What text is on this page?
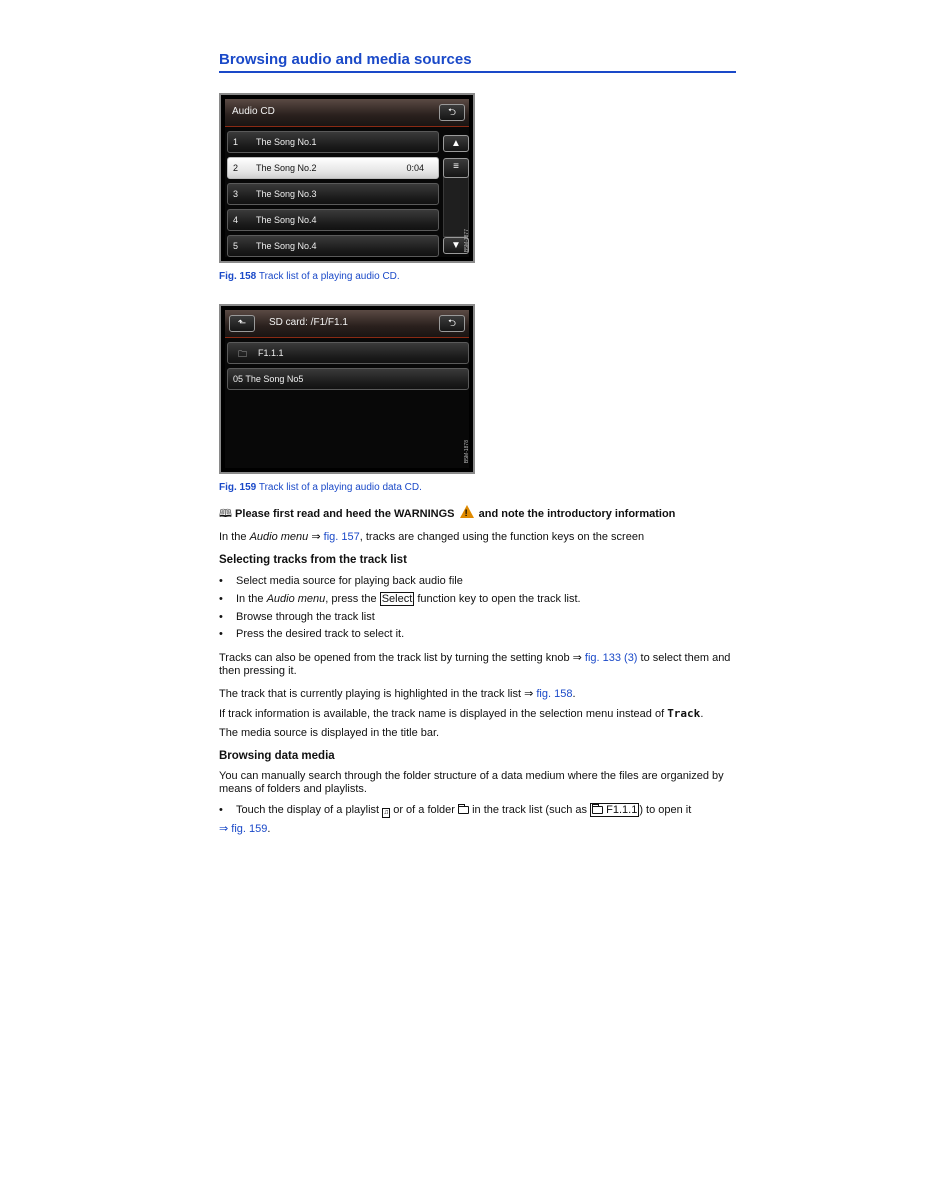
Browsing audio and media sources
Audio CD	⮌
1 The Song No.1
2 The Song No.2	0:04
3 The Song No.3
4 The Song No.4
5 The Song No.4
▲
≡
▼ B5M-1877
Fig. 158 Track list of a playing audio CD.
⬑	SD card: /F1/F1.1	⮌
🗀 F1.1.1
05 The Song No5
B5M-1878
Fig. 159 Track list of a playing audio data CD.
🕮 Please first read and heed the WARNINGS ! and note the introductory information
In the Audio menu ⇒ fig. 157, tracks are changed using the function keys on the screen
Selecting tracks from the track list
• Select media source for playing back audio file
• In the Audio menu, press the Select function key to open the track list.
• Browse through the track list
• Press the desired track to select it.
Tracks can also be opened from the track list by turning the setting knob ⇒ fig. 133 (3) to select them and then pressing it.
The track that is currently playing is highlighted in the track list ⇒ fig. 158.
If track information is available, the track name is displayed in the selection menu instead of Track.
The media source is displayed in the title bar.
Browsing data media
You can manually search through the folder structure of a data medium where the files are organized by means of folders and playlists.
• Touch the display of a playlist ♫ or of a folder  in the track list (such as  F1.1.1 ) to open it
⇒ fig. 159.
